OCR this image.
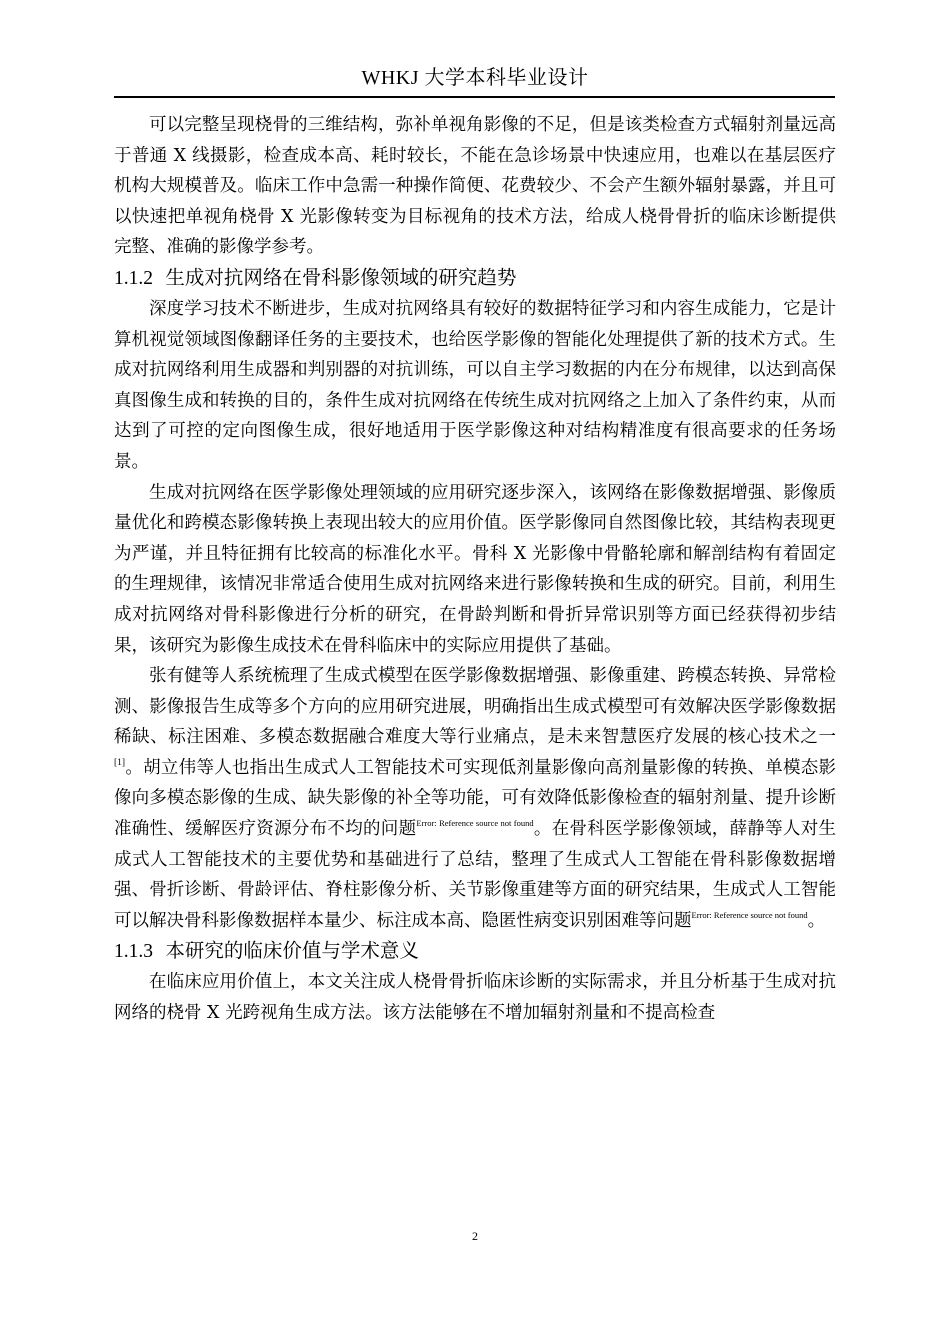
WHKJ 大学本科毕业设计

可以完整呈现桡骨的三维结构，弥补单视角影像的不足，但是该类检查方式辐射剂量远高于普通 X 线摄影，检查成本高、耗时较长，不能在急诊场景中快速应用，也难以在基层医疗机构大规模普及。临床工作中急需一种操作简便、花费较少、不会产生额外辐射暴露，并且可以快速把单视角桡骨 X 光影像转变为目标视角的技术方法，给成人桡骨骨折的临床诊断提供完整、准确的影像学参考。

1.1.2 生成对抗网络在骨科影像领域的研究趋势

深度学习技术不断进步，生成对抗网络具有较好的数据特征学习和内容生成能力，它是计算机视觉领域图像翻译任务的主要技术，也给医学影像的智能化处理提供了新的技术方式。生成对抗网络利用生成器和判别器的对抗训练，可以自主学习数据的内在分布规律，以达到高保真图像生成和转换的目的，条件生成对抗网络在传统生成对抗网络之上加入了条件约束，从而达到了可控的定向图像生成，很好地适用于医学影像这种对结构精准度有很高要求的任务场景。

生成对抗网络在医学影像处理领域的应用研究逐步深入，该网络在影像数据增强、影像质量优化和跨模态影像转换上表现出较大的应用价值。医学影像同自然图像比较，其结构表现更为严谨，并且特征拥有比较高的标准化水平。骨科 X 光影像中骨骼轮廓和解剖结构有着固定的生理规律，该情况非常适合使用生成对抗网络来进行影像转换和生成的研究。目前，利用生成对抗网络对骨科影像进行分析的研究，在骨龄判断和骨折异常识别等方面已经获得初步结果，该研究为影像生成技术在骨科临床中的实际应用提供了基础。

张有健等人系统梳理了生成式模型在医学影像数据增强、影像重建、跨模态转换、异常检测、影像报告生成等多个方向的应用研究进展，明确指出生成式模型可有效解决医学影像数据稀缺、标注困难、多模态数据融合难度大等行业痛点，是未来智慧医疗发展的核心技术之一[1]。胡立伟等人也指出生成式人工智能技术可实现低剂量影像向高剂量影像的转换、单模态影像向多模态影像的生成、缺失影像的补全等功能，可有效降低影像检查的辐射剂量、提升诊断准确性、缓解医疗资源分布不均的问题$^{Error: Reference source not found}$。在骨科医学影像领域，薛静等人对生成式人工智能技术的主要优势和基础进行了总结，整理了生成式人工智能在骨科影像数据增强、骨折诊断、骨龄评估、脊柱影像分析、关节影像重建等方面的研究结果，生成式人工智能可以解决骨科影像数据样本量少、标注成本高、隐匿性病变识别困难等问题$^{Error: Reference source not found}$。

1.1.3 本研究的临床价值与学术意义

在临床应用价值上，本文关注成人桡骨骨折临床诊断的实际需求，并且分析基于生成对抗网络的桡骨 X 光跨视角生成方法。该方法能够在不增加辐射剂量和不提高检查

2
